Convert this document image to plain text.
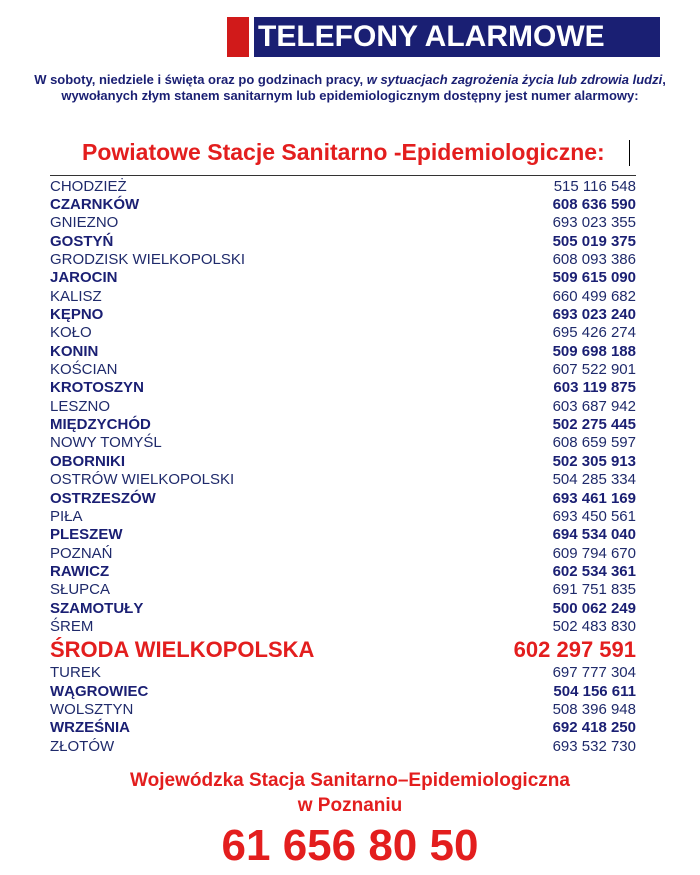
TELEFONY ALARMOWE
W soboty, niedziele i święta oraz po godzinach pracy, w sytuacjach zagrożenia życia lub zdrowia ludzi, wywołanych złym stanem sanitarnym lub epidemiologicznym dostępny jest numer alarmowy:
Powiatowe Stacje Sanitarno -Epidemiologiczne:
CHODZIEŻ	515 116 548
CZARNKÓW	608 636 590
GNIEZNO	693 023 355
GOSTYŃ	505 019 375
GRODZISK WIELKOPOLSKI	608 093 386
JAROCIN	509 615 090
KALISZ	660 499 682
KĘPNO	693 023 240
KOŁO	695 426 274
KONIN	509 698 188
KOŚCIAN	607 522 901
KROTOSZYN	603 119 875
LESZNO	603 687 942
MIĘDZYCHÓD	502 275 445
NOWY TOMYŚL	608 659 597
OBORNIKI	502 305 913
OSTRÓW WIELKOPOLSKI	504 285 334
OSTRZESZÓW	693 461 169
PIŁA	693 450 561
PLESZEW	694 534 040
POZNAŃ	609 794 670
RAWICZ	602 534 361
SŁUPCA	691 751 835
SZAMOTUŁY	500 062 249
ŚREM	502 483 830
ŚRODA WIELKOPOLSKA	602 297 591
TUREK	697 777 304
WĄGROWIEC	504 156 611
WOLSZTYN	508 396 948
WRZEŚNIA	692 418 250
ZŁOTÓW	693 532 730
Wojewódzka Stacja Sanitarno–Epidemiologiczna
w Poznaniu
61 656 80 50
